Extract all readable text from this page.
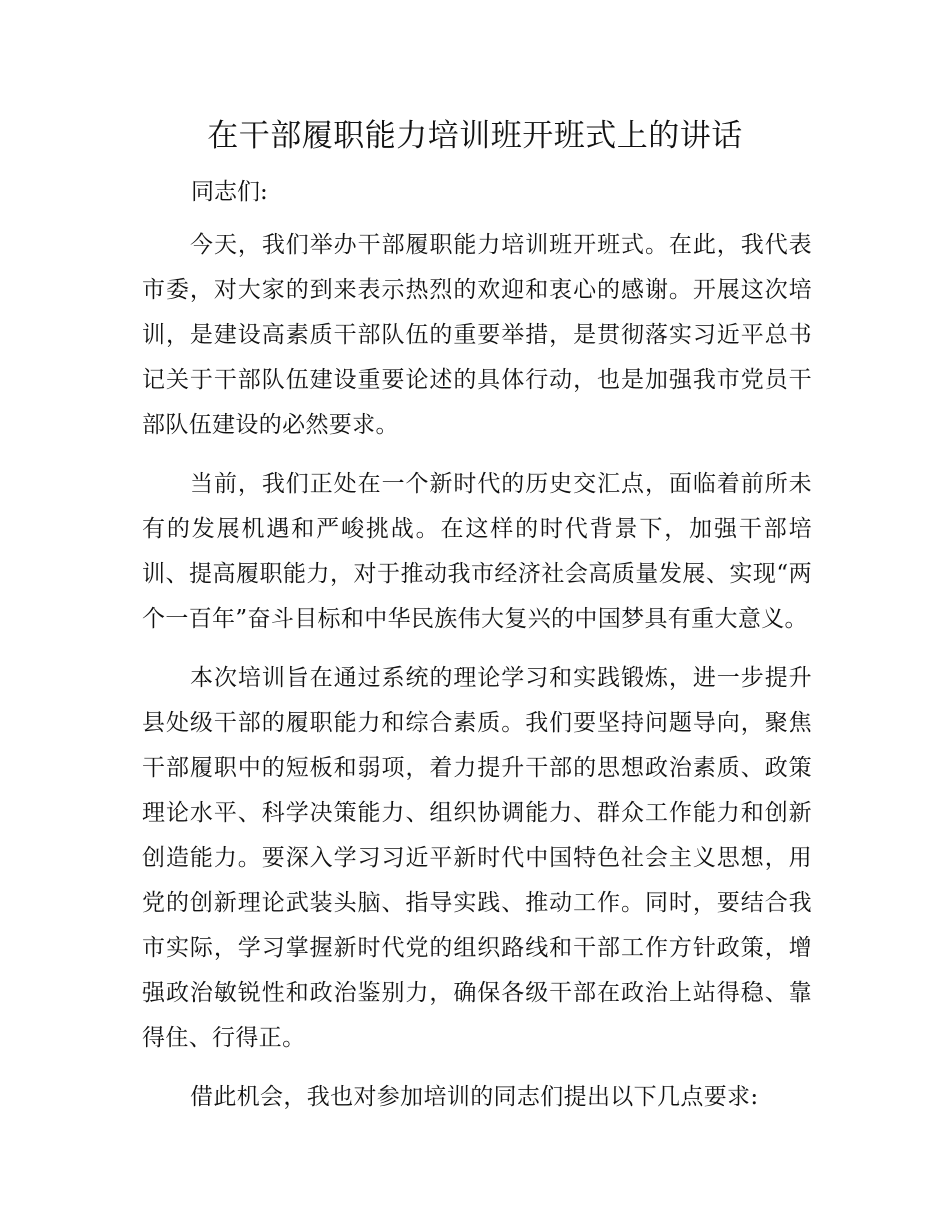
在干部履职能力培训班开班式上的讲话

同志们:

今天，我们举办干部履职能力培训班开班式。在此，我代表市委，对大家的到来表示热烈的欢迎和衷心的感谢。开展这次培训，是建设高素质干部队伍的重要举措，是贯彻落实习近平总书记关于干部队伍建设重要论述的具体行动，也是加强我市党员干部队伍建设的必然要求。

当前，我们正处在一个新时代的历史交汇点，面临着前所未有的发展机遇和严峻挑战。在这样的时代背景下，加强干部培训、提高履职能力，对于推动我市经济社会高质量发展、实现“两个一百年”奋斗目标和中华民族伟大复兴的中国梦具有重大意义。

本次培训旨在通过系统的理论学习和实践锻炼，进一步提升县处级干部的履职能力和综合素质。我们要坚持问题导向，聚焦干部履职中的短板和弱项，着力提升干部的思想政治素质、政策理论水平、科学决策能力、组织协调能力、群众工作能力和创新创造能力。要深入学习习近平新时代中国特色社会主义思想，用党的创新理论武装头脑、指导实践、推动工作。同时，要结合我市实际，学习掌握新时代党的组织路线和干部工作方针政策，增强政治敏锐性和政治鉴别力，确保各级干部在政治上站得稳、靠得住、行得正。

借此机会，我也对参加培训的同志们提出以下几点要求:
